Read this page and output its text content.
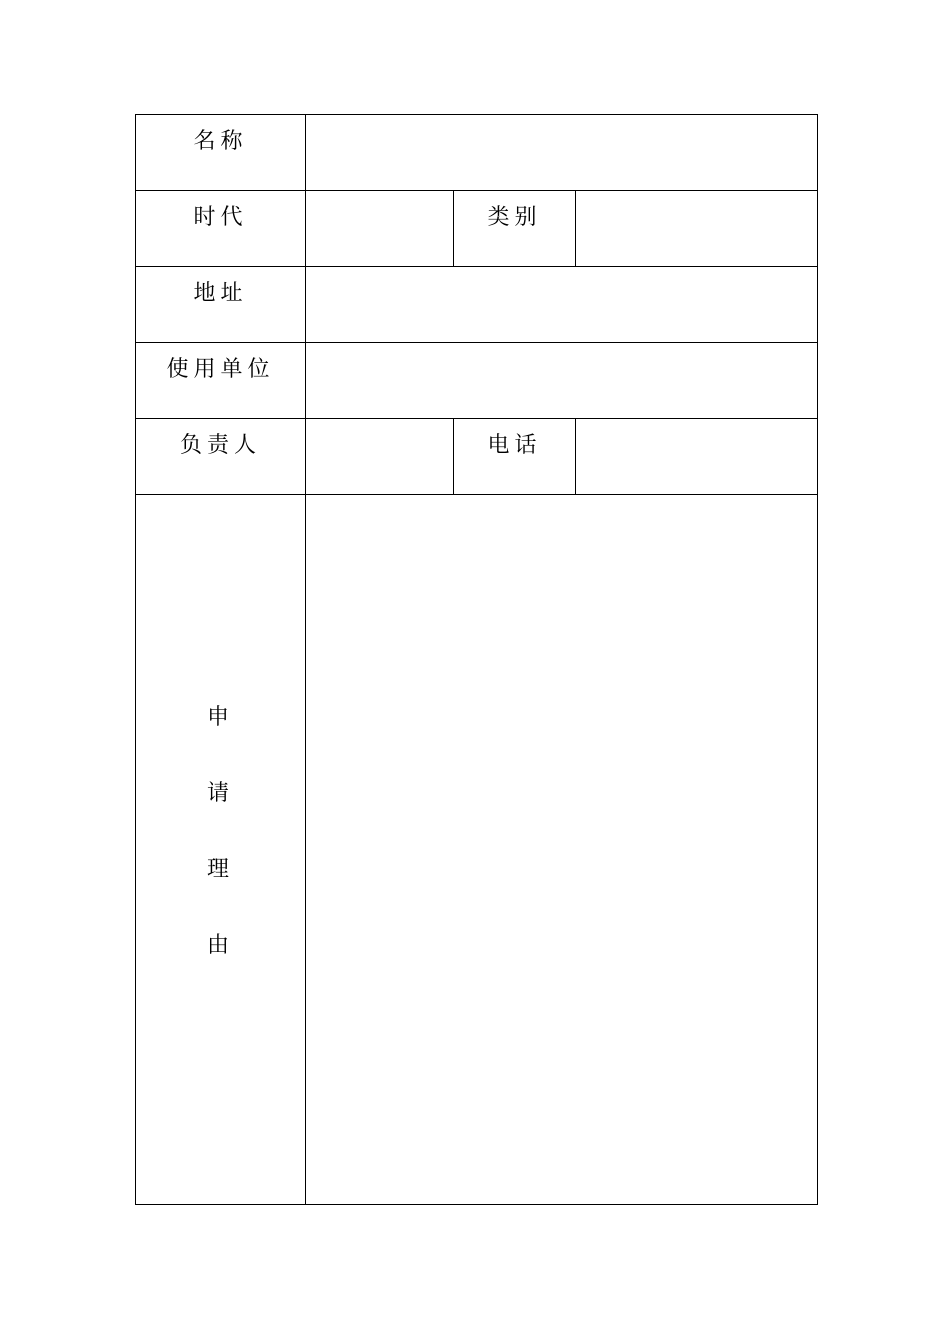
名称			
时代		类别	
地址			
使用单位			
负责人		电话	

申
请
理
由			
